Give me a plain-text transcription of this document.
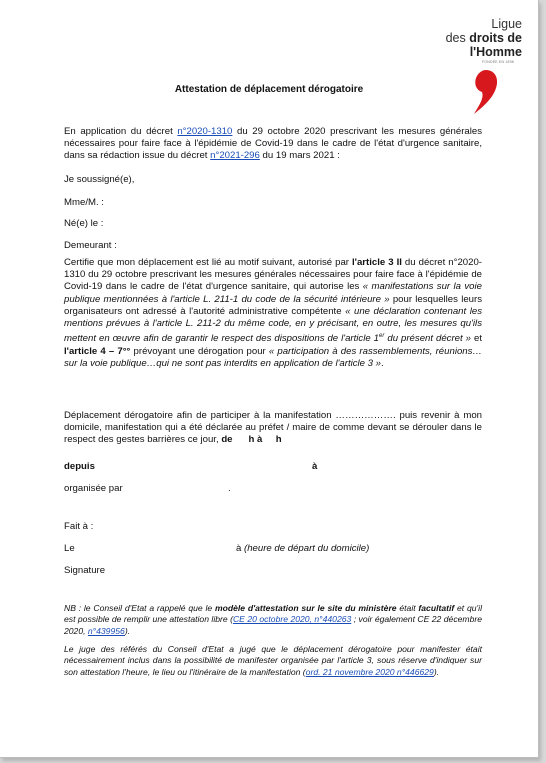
Ligue
des droits de
l'Homme
FONDÉE EN 1898
Attestation de déplacement dérogatoire
En application du décret n°2020-1310 du 29 octobre 2020 prescrivant les mesures générales nécessaires pour faire face à l'épidémie de Covid-19 dans le cadre de l'état d'urgence sanitaire, dans sa rédaction issue du décret n°2021-296 du 19 mars 2021 :
Je soussigné(e),
Mme/M. :
Né(e) le :
Demeurant :
Certifie que mon déplacement est lié au motif suivant, autorisé par l'article 3 II du décret n°2020-1310 du 29 octobre prescrivant les mesures générales nécessaires pour faire face à l'épidémie de Covid-19 dans le cadre de l'état d'urgence sanitaire, qui autorise les « manifestations sur la voie publique mentionnées à l'article L. 211-1 du code de la sécurité intérieure » pour lesquelles leurs organisateurs ont adressé à l'autorité administrative compétente « une déclaration contenant les mentions prévues à l'article L. 211-2 du même code, en y précisant, en outre, les mesures qu'ils mettent en œuvre afin de garantir le respect des dispositions de l'article 1er du présent décret » et l'article 4 – 7°° prévoyant une dérogation pour « participation à des rassemblements, réunions…sur la voie publique…qui ne sont pas interdits en application de l'article 3 ».
Déplacement dérogatoire afin de participer à la manifestation ………………. puis revenir à mon domicile, manifestation qui a été déclarée au préfet / maire de comme devant se dérouler dans le respect des gestes barrières ce jour, de      h à     h
depuis	à
organisée par	.
Fait à :
Le	à (heure de départ du domicile)
Signature
NB : le Conseil d'Etat a rappelé que le modèle d'attestation sur le site du ministère était facultatif et qu'il est possible de remplir une attestation libre (CE 20 octobre 2020, n°440263 ; voir également CE 22 décembre 2020, n°439956).
Le juge des référés du Conseil d'Etat a jugé que le déplacement dérogatoire pour manifester était nécessairement inclus dans la possibilité de manifester organisée par l'article 3, sous réserve d'indiquer sur son attestation l'heure, le lieu ou l'itinéraire de la manifestation (ord. 21 novembre 2020 n°446629).
